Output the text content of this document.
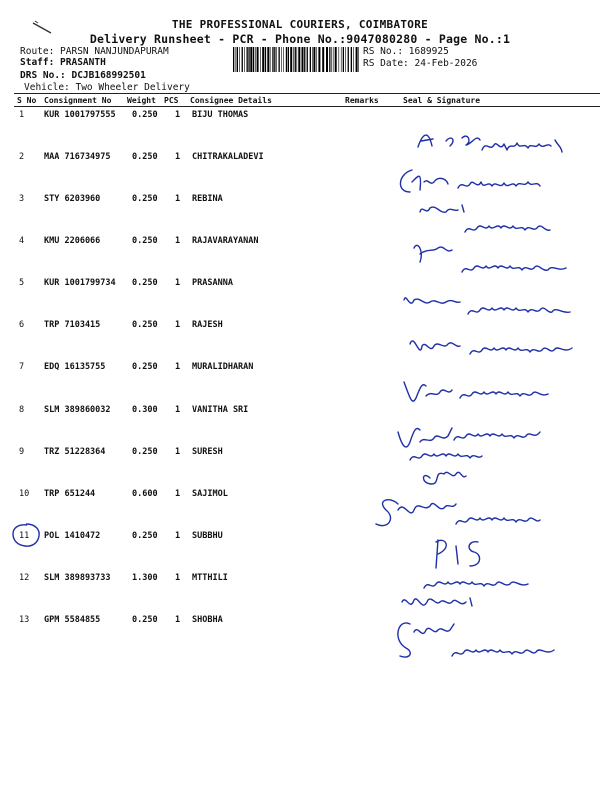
THE PROFESSIONAL COURIERS, COIMBATORE
Delivery Runsheet - PCR - Phone No.:9047080280 - Page No.:1
Route: PARSN NANJUNDAPURAM
Staff: PRASANTH
DRS No.: DCJB168992501
Vehicle: Two Wheeler Delivery
RS No.: 1689925
RS Date: 24-Feb-2026
S No Consignment No Weight PCS Consignee Details	Remarks	Seal & Signature
1 KUR 1001797555 0.250 1 BIJU THOMAS
2 MAA 716734975	0.250 1 CHITRAKALADEVI
3 STY 6203960	0.250 1 REBINA
4 KMU 2206066	0.250 1 RAJAVARAYANAN
5 KUR 1001799734 0.250 1 PRASANNA
6 TRP 7103415	0.250 1 RAJESH
7 EDQ 16135755	0.250 1 MURALIDHARAN
8 SLM 389860032	0.300 1 VANITHA SRI
9 TRZ 51228364	0.250 1 SURESH
10 TRP 651244	0.600 1 SAJIMOL
11 POL 1410472	0.250 1 SUBBHU
12 SLM 389893733	1.300 1 MTTHILI
13 GPM 5584855	0.250 1 SHOBHA
